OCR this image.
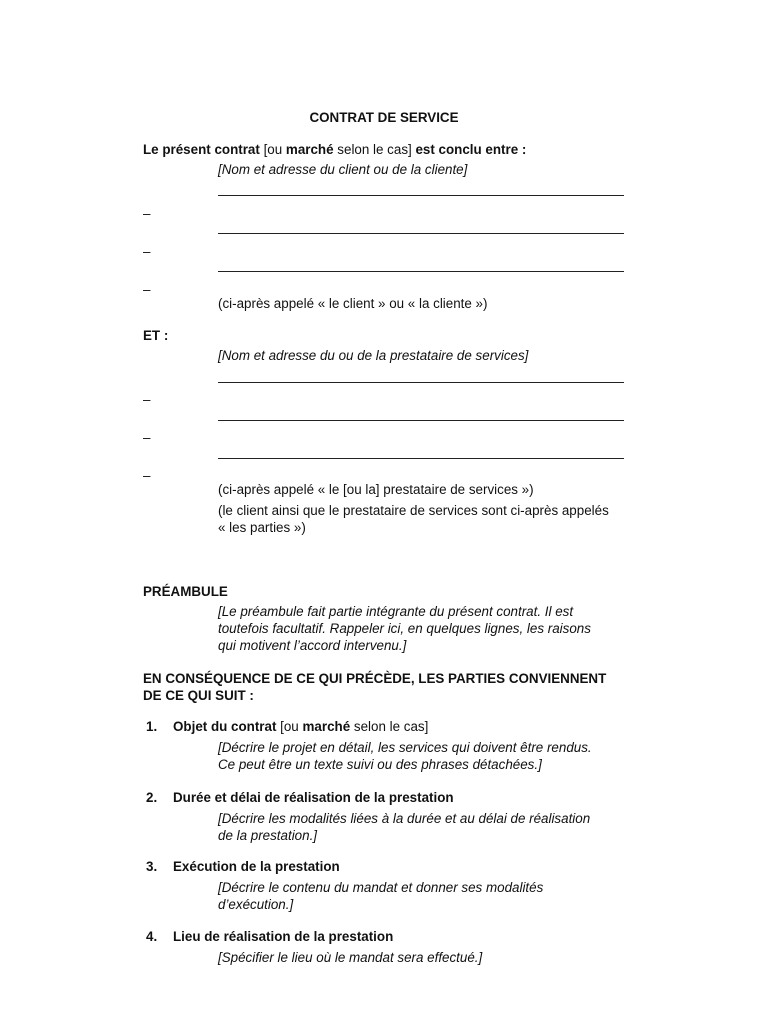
CONTRAT DE SERVICE
Le présent contrat [ou marché selon le cas] est conclu entre :
[Nom et adresse du client ou de la cliente]
–
–
–
(ci-après appelé « le client » ou « la cliente »)
ET :
[Nom et adresse du ou de la prestataire de services]
–
–
–
(ci-après appelé « le [ou la] prestataire de services »)
(le client ainsi que le prestataire de services sont ci-après appelés
« les parties »)
PRÉAMBULE
[Le préambule fait partie intégrante du présent contrat. Il est
toutefois facultatif. Rappeler ici, en quelques lignes, les raisons
qui motivent l’accord intervenu.]
EN CONSÉQUENCE DE CE QUI PRÉCÈDE, LES PARTIES CONVIENNENT
DE CE QUI SUIT :
1. Objet du contrat [ou marché selon le cas]
[Décrire le projet en détail, les services qui doivent être rendus.
Ce peut être un texte suivi ou des phrases détachées.]
2. Durée et délai de réalisation de la prestation
[Décrire les modalités liées à la durée et au délai de réalisation
de la prestation.]
3. Exécution de la prestation
[Décrire le contenu du mandat et donner ses modalités
d’exécution.]
4. Lieu de réalisation de la prestation
[Spécifier le lieu où le mandat sera effectué.]
